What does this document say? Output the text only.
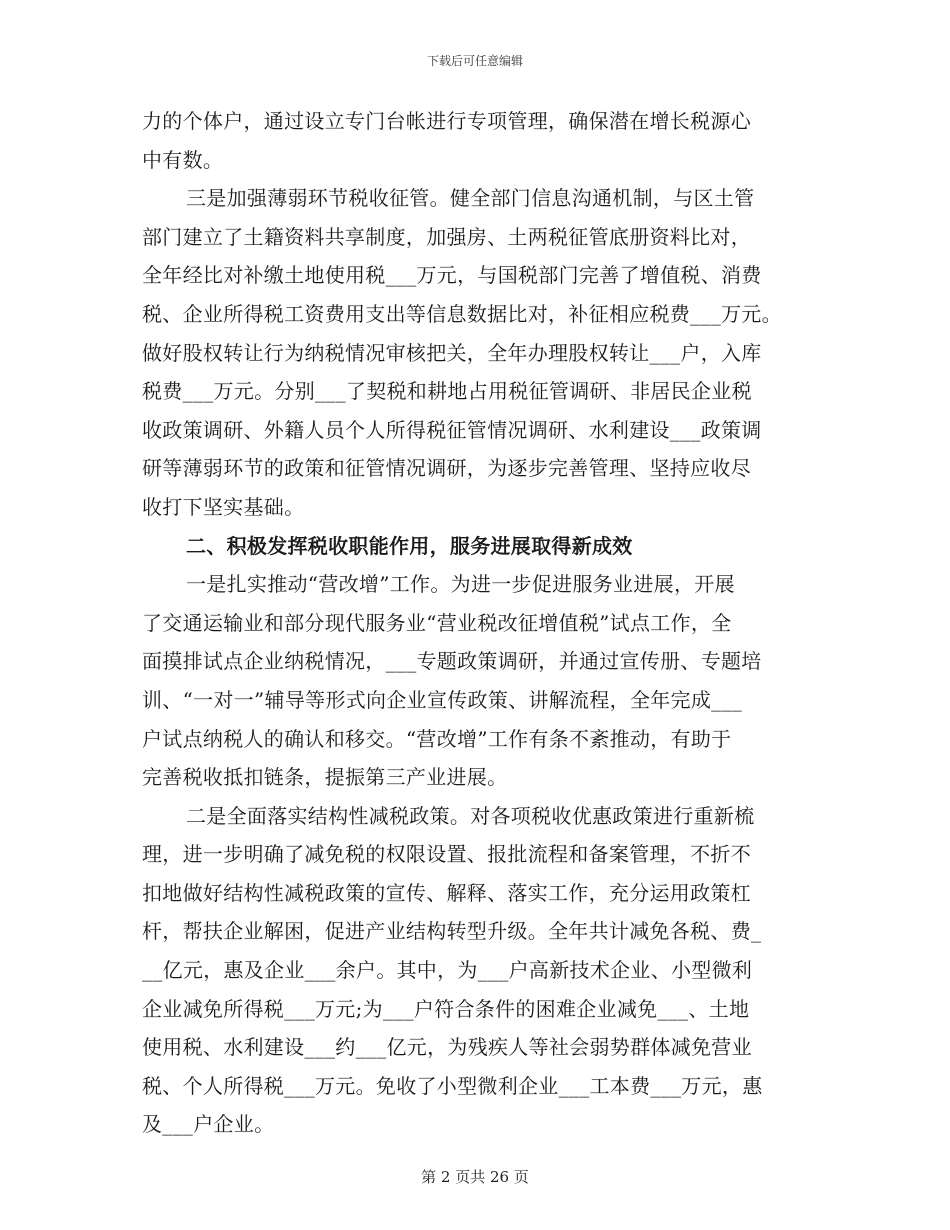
下载后可任意编辑
力的个体户，通过设立专门台帐进行专项管理，确保潜在增长税源心
中有数。
三是加强薄弱环节税收征管。健全部门信息沟通机制，与区土管
部门建立了土籍资料共享制度，加强房、土两税征管底册资料比对，
全年经比对补缴土地使用税___万元，与国税部门完善了增值税、消费
税、企业所得税工资费用支出等信息数据比对，补征相应税费___万元。
做好股权转让行为纳税情况审核把关，全年办理股权转让___户，入库
税费___万元。分别___了契税和耕地占用税征管调研、非居民企业税
收政策调研、外籍人员个人所得税征管情况调研、水利建设___政策调
研等薄弱环节的政策和征管情况调研，为逐步完善管理、坚持应收尽
收打下坚实基础。
二、积极发挥税收职能作用，服务进展取得新成效
一是扎实推动“营改增”工作。为进一步促进服务业进展，开展
了交通运输业和部分现代服务业“营业税改征增值税”试点工作，全
面摸排试点企业纳税情况，___专题政策调研，并通过宣传册、专题培
训、“一对一”辅导等形式向企业宣传政策、讲解流程，全年完成___
户试点纳税人的确认和移交。“营改增”工作有条不紊推动，有助于
完善税收抵扣链条，提振第三产业进展。
二是全面落实结构性减税政策。对各项税收优惠政策进行重新梳
理，进一步明确了减免税的权限设置、报批流程和备案管理，不折不
扣地做好结构性减税政策的宣传、解释、落实工作，充分运用政策杠
杆，帮扶企业解困，促进产业结构转型升级。全年共计减免各税、费_
__亿元，惠及企业___余户。其中，为___户高新技术企业、小型微利
企业减免所得税___万元;为___户符合条件的困难企业减免___、土地
使用税、水利建设___约___亿元，为残疾人等社会弱势群体减免营业
税、个人所得税___万元。免收了小型微利企业___工本费___万元，惠
及___户企业。
第 2 页共 26 页
